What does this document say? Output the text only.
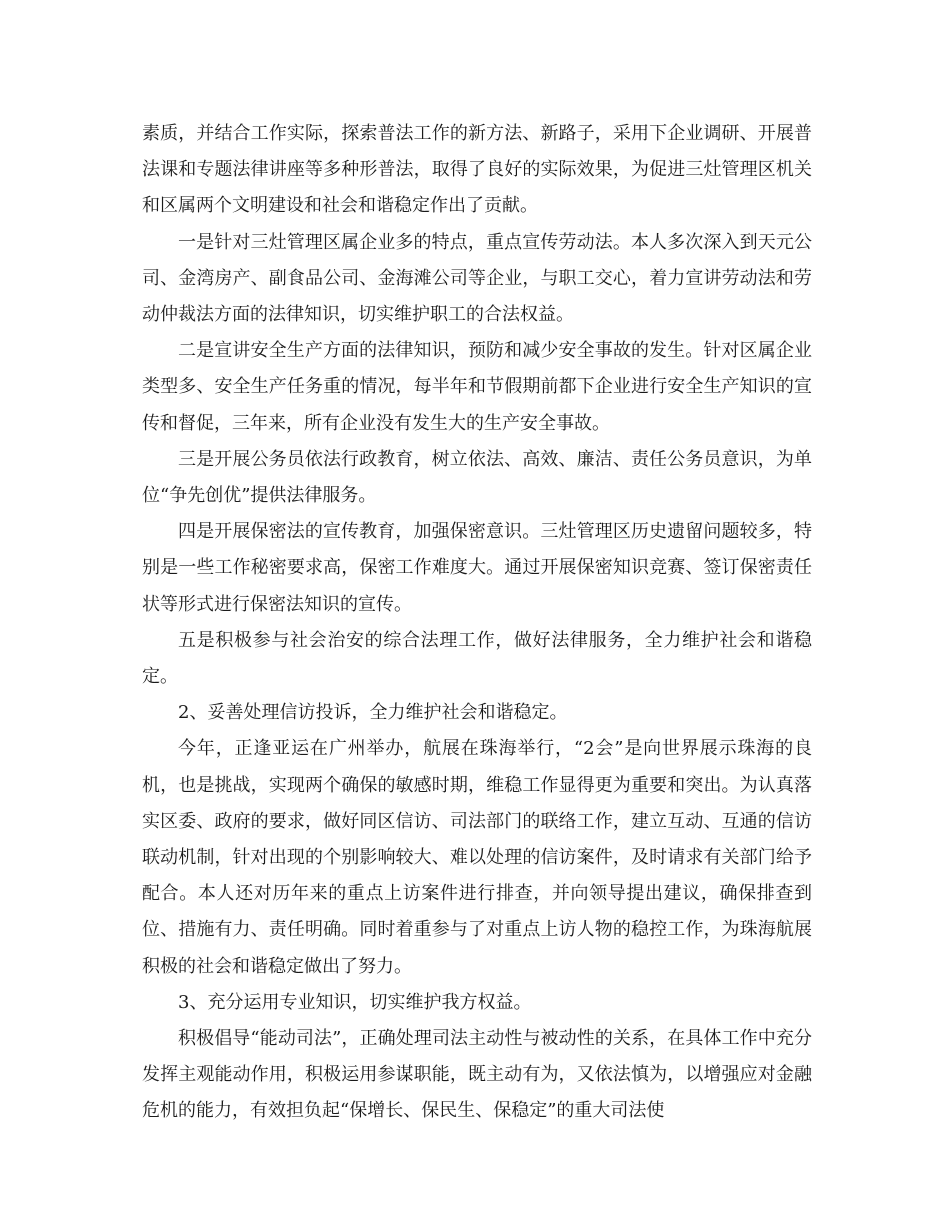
素质，并结合工作实际，探索普法工作的新方法、新路子，采用下企业调研、开展普法课和专题法律讲座等多种形普法，取得了良好的实际效果，为促进三灶管理区机关和区属两个文明建设和社会和谐稳定作出了贡献。

一是针对三灶管理区属企业多的特点，重点宣传劳动法。本人多次深入到天元公司、金湾房产、副食品公司、金海滩公司等企业，与职工交心，着力宣讲劳动法和劳动仲裁法方面的法律知识，切实维护职工的合法权益。

二是宣讲安全生产方面的法律知识，预防和减少安全事故的发生。针对区属企业类型多、安全生产任务重的情况，每半年和节假期前都下企业进行安全生产知识的宣传和督促，三年来，所有企业没有发生大的生产安全事故。

三是开展公务员依法行政教育，树立依法、高效、廉洁、责任公务员意识，为单位“争先创优”提供法律服务。

四是开展保密法的宣传教育，加强保密意识。三灶管理区历史遗留问题较多，特别是一些工作秘密要求高，保密工作难度大。通过开展保密知识竞赛、签订保密责任状等形式进行保密法知识的宣传。

五是积极参与社会治安的综合法理工作，做好法律服务，全力维护社会和谐稳定。

2、妥善处理信访投诉，全力维护社会和谐稳定。

今年，正逢亚运在广州举办，航展在珠海举行，“2会”是向世界展示珠海的良机，也是挑战，实现两个确保的敏感时期，维稳工作显得更为重要和突出。为认真落实区委、政府的要求，做好同区信访、司法部门的联络工作，建立互动、互通的信访联动机制，针对出现的个别影响较大、难以处理的信访案件，及时请求有关部门给予配合。本人还对历年来的重点上访案件进行排查，并向领导提出建议，确保排查到位、措施有力、责任明确。同时着重参与了对重点上访人物的稳控工作，为珠海航展积极的社会和谐稳定做出了努力。

3、充分运用专业知识，切实维护我方权益。

积极倡导“能动司法”，正确处理司法主动性与被动性的关系，在具体工作中充分发挥主观能动作用，积极运用参谋职能，既主动有为，又依法慎为，以增强应对金融危机的能力，有效担负起“保增长、保民生、保稳定”的重大司法使
